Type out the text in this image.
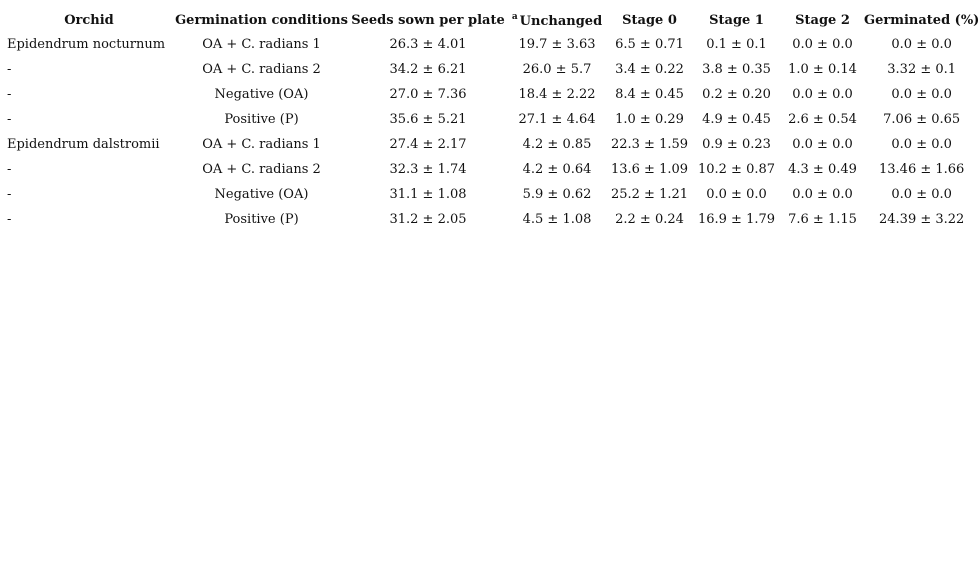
Orchid	Germination conditions	Seeds sown per plate	$^a$ Unchanged	Stage 0	Stage 1	Stage 2	Germinated (%)
Epidendrum nocturnum	OA + C. radians 1	26.3 ± 4.01	19.7 ± 3.63	6.5 ± 0.71	0.1 ± 0.1	0.0 ± 0.0	0.0 ± 0.0
-	OA + C. radians 2	34.2 ± 6.21	26.0 ± 5.7	3.4 ± 0.22	3.8 ± 0.35	1.0 ± 0.14	3.32 ± 0.1
-	Negative (OA)	27.0 ± 7.36	18.4 ± 2.22	8.4 ± 0.45	0.2 ± 0.20	0.0 ± 0.0	0.0 ± 0.0
-	Positive (P)	35.6 ± 5.21	27.1 ± 4.64	1.0 ± 0.29	4.9 ± 0.45	2.6 ± 0.54	7.06 ± 0.65
Epidendrum dalstromii	OA + C. radians 1	27.4 ± 2.17	4.2 ± 0.85	22.3 ± 1.59	0.9 ± 0.23	0.0 ± 0.0	0.0 ± 0.0
-	OA + C. radians 2	32.3 ± 1.74	4.2 ± 0.64	13.6 ± 1.09	10.2 ± 0.87	4.3 ± 0.49	13.46 ± 1.66
-	Negative (OA)	31.1 ± 1.08	5.9 ± 0.62	25.2 ± 1.21	0.0 ± 0.0	0.0 ± 0.0	0.0 ± 0.0
-	Positive (P)	31.2 ± 2.05	4.5 ± 1.08	2.2 ± 0.24	16.9 ± 1.79	7.6 ± 1.15	24.39 ± 3.22
